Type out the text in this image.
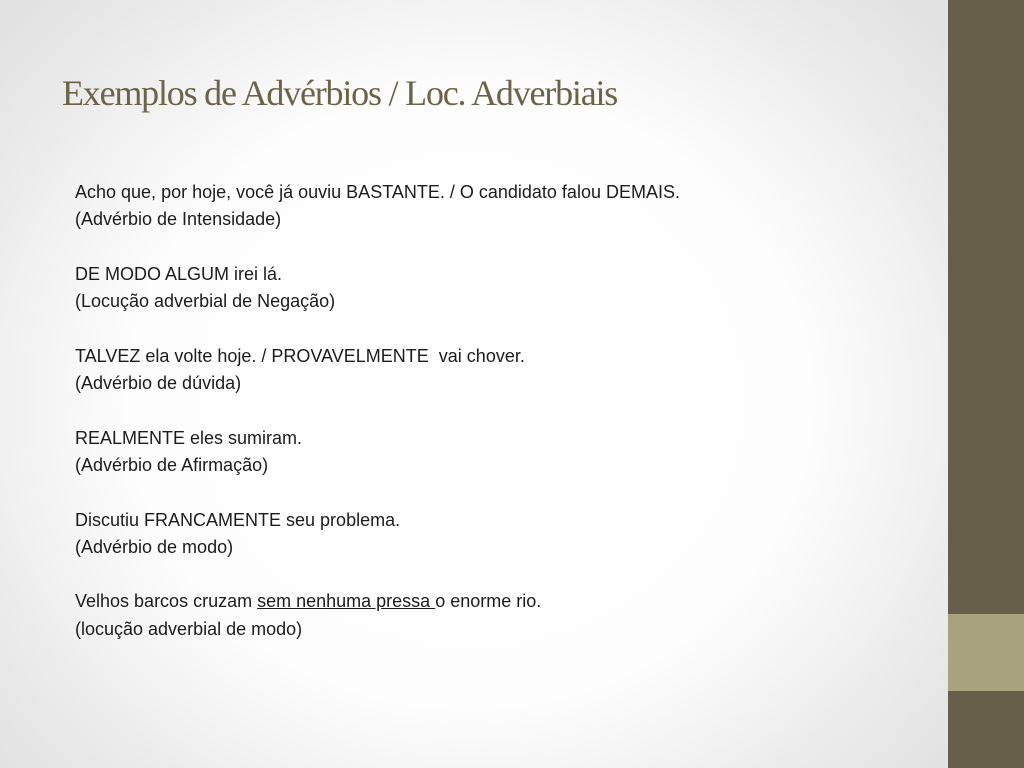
Exemplos de Advérbios / Loc. Adverbiais
Acho que, por hoje, você já ouviu BASTANTE. / O candidato falou DEMAIS.
(Advérbio de Intensidade)
DE MODO ALGUM irei lá.
(Locução adverbial de Negação)
TALVEZ ela volte hoje. / PROVAVELMENTE  vai chover.
(Advérbio de dúvida)
REALMENTE eles sumiram.
(Advérbio de Afirmação)
Discutiu FRANCAMENTE seu problema.
(Advérbio de modo)
Velhos barcos cruzam sem nenhuma pressa o enorme rio.
(locução adverbial de modo)
